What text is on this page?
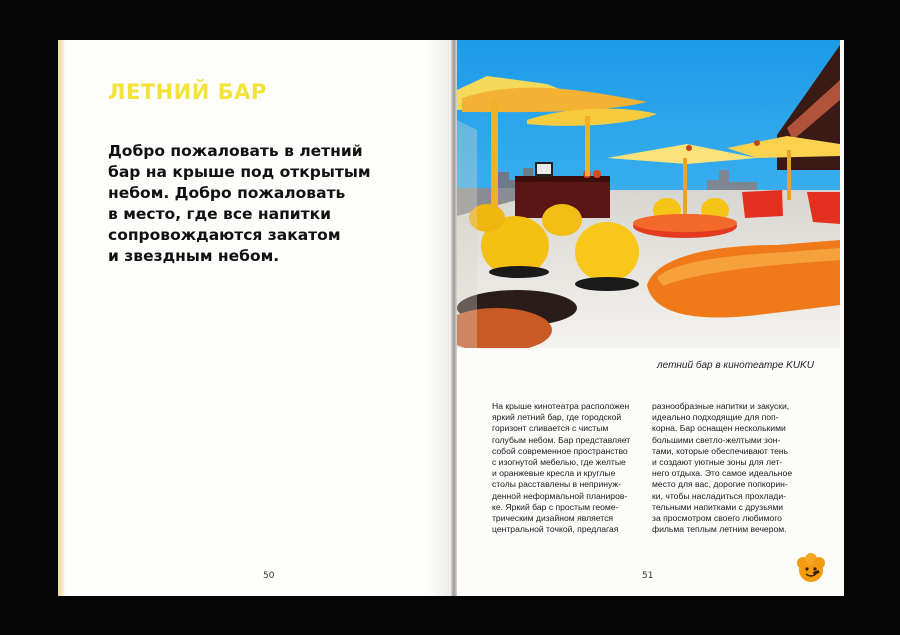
ЛЕТНИЙ БАР
Добро пожаловать в летний
бар на крыше под открытым
небом. Добро пожаловать
в место, где все напитки
сопровождаются закатом
и звездным небом.
50
летний бар в кинотеатре KUKU
На крыше кинотеатра расположен
яркий летний бар, где городской
горизонт сливается с чистым
голубым небом. Бар представляет
собой современное пространство
с изогнутой мебелью, где желтые
и оранжевые кресла и круглые
столы расставлены в непринуж-
денной неформальной планиров-
ке. Яркий бар с простым геоме-
трическим дизайном является
центральной точкой, предлагая
разнообразные напитки и закуски,
идеально подходящие для поп-
корна. Бар оснащен несколькими
большими светло-желтыми зон-
тами, которые обеспечивают тень
и создают уютные зоны для лет-
него отдыха. Это самое идеальное
место для вас, дорогие попкорин-
ки, чтобы насладиться прохлади-
тельными напитками с друзьями
за просмотром своего любимого
фильма теплым летним вечером.
51
